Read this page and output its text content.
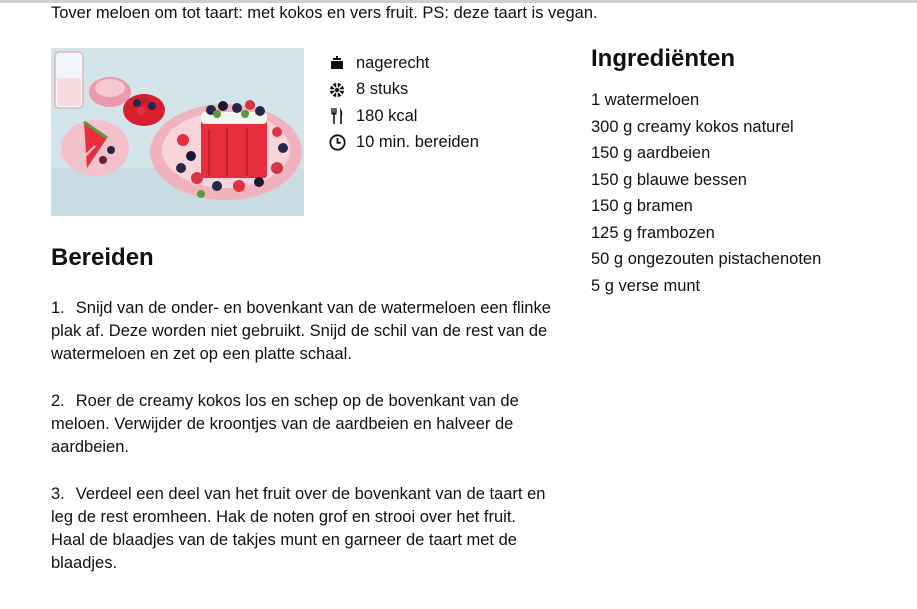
Tover meloen om tot taart: met kokos en vers fruit. PS: deze taart is vegan.
nagerecht
8 stuks
180 kcal
10 min. bereiden
Ingrediënten
1 watermeloen
300 g creamy kokos naturel
150 g aardbeien
150 g blauwe bessen
150 g bramen
125 g frambozen
50 g ongezouten pistachenoten
5 g verse munt
Bereiden

1. Snijd van de onder- en bovenkant van de watermeloen een flinke plak af. Deze worden niet gebruikt. Snijd de schil van de rest van de watermeloen en zet op een platte schaal.

2. Roer de creamy kokos los en schep op de bovenkant van de meloen. Verwijder de kroontjes van de aardbeien en halveer de aardbeien.

3. Verdeel een deel van het fruit over de bovenkant van de taart en leg de rest eromheen. Hak de noten grof en strooi over het fruit. Haal de blaadjes van de takjes munt en garneer de taart met de blaadjes.
